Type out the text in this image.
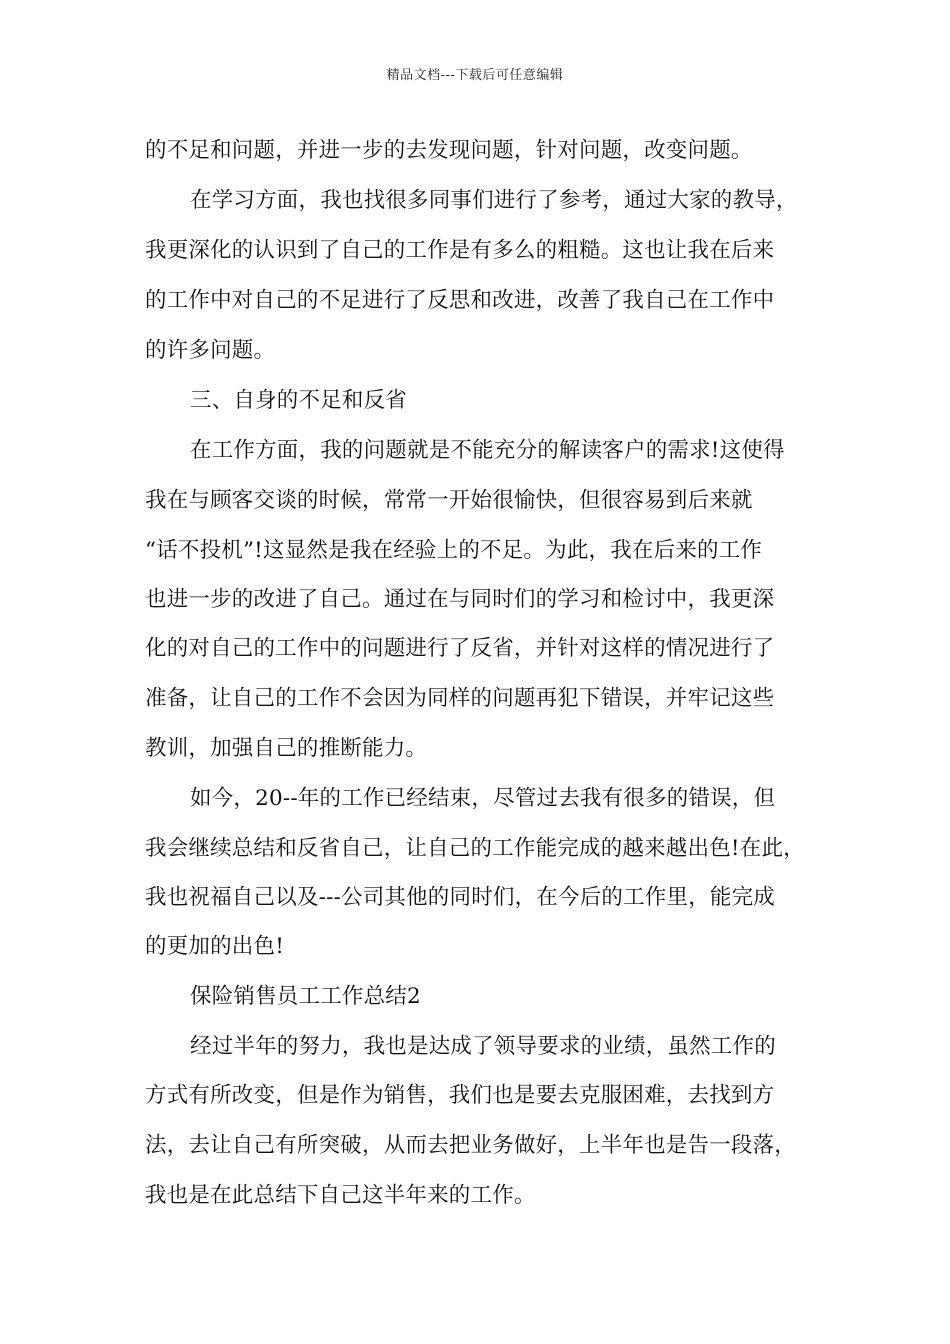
精品文档---下载后可任意编辑
的不足和问题，并进一步的去发现问题，针对问题，改变问题。
在学习方面，我也找很多同事们进行了参考，通过大家的教导，
我更深化的认识到了自己的工作是有多么的粗糙。这也让我在后来
的工作中对自己的不足进行了反思和改进，改善了我自己在工作中
的许多问题。
三、自身的不足和反省
在工作方面，我的问题就是不能充分的解读客户的需求!这使得
我在与顾客交谈的时候，常常一开始很愉快，但很容易到后来就
“话不投机”!这显然是我在经验上的不足。为此，我在后来的工作
也进一步的改进了自己。通过在与同时们的学习和检讨中，我更深
化的对自己的工作中的问题进行了反省，并针对这样的情况进行了
准备，让自己的工作不会因为同样的问题再犯下错误，并牢记这些
教训，加强自己的推断能力。
如今，20--年的工作已经结束，尽管过去我有很多的错误，但
我会继续总结和反省自己，让自己的工作能完成的越来越出色!在此，
我也祝福自己以及---公司其他的同时们，在今后的工作里，能完成
的更加的出色!
保险销售员工工作总结2
经过半年的努力，我也是达成了领导要求的业绩，虽然工作的
方式有所改变，但是作为销售，我们也是要去克服困难，去找到方
法，去让自己有所突破，从而去把业务做好，上半年也是告一段落，
我也是在此总结下自己这半年来的工作。
